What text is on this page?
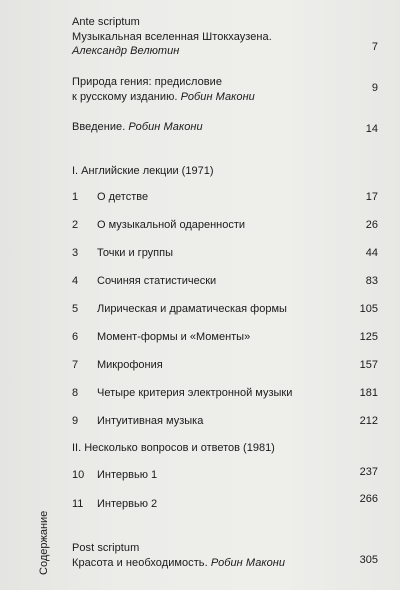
Ante scriptum
Музыкальная вселенная Штокхаузена.
Александр Велютин	7
Природа гения: предисловие
к русскому изданию. Робин Макони
9
Введение. Робин Макони	14
I. Английские лекции (1971)
1 О детстве	17
2 О музыкальной одаренности	26
3 Точки и группы	44
4 Сочиняя статистически	83
5 Лирическая и драматическая формы	105
6 Момент-формы и «Моменты»	125
7 Микрофония	157
8 Четыре критерия электронной музыки	181
9 Интуитивная музыка	212
II. Несколько вопросов и ответов (1981)
10 Интервью 1	237
11 Интервью 2	266
Post scriptum
Красота и необходимость. Робин Макони	305
Содержание
